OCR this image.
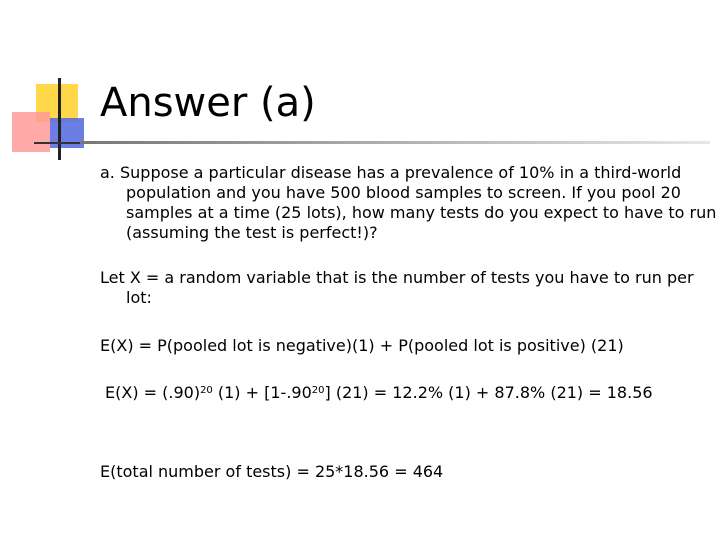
Answer (a)

a. Suppose a particular disease has a prevalence of 10% in a third-world population and you have 500 blood samples to screen. If you pool 20 samples at a time (25 lots), how many tests do you expect to have to run (assuming the test is perfect!)?

Let X = a random variable that is the number of tests you have to run per lot:

E(X) = P(pooled lot is negative)(1) + P(pooled lot is positive) (21)

$E(X) = (.90)^{20}$ $(1) + [1-.90^{20}] (21) = 12.2\%$ (1) + 87.8% (21) = 18.56

E(total number of tests) = 25*18.56 = 464
